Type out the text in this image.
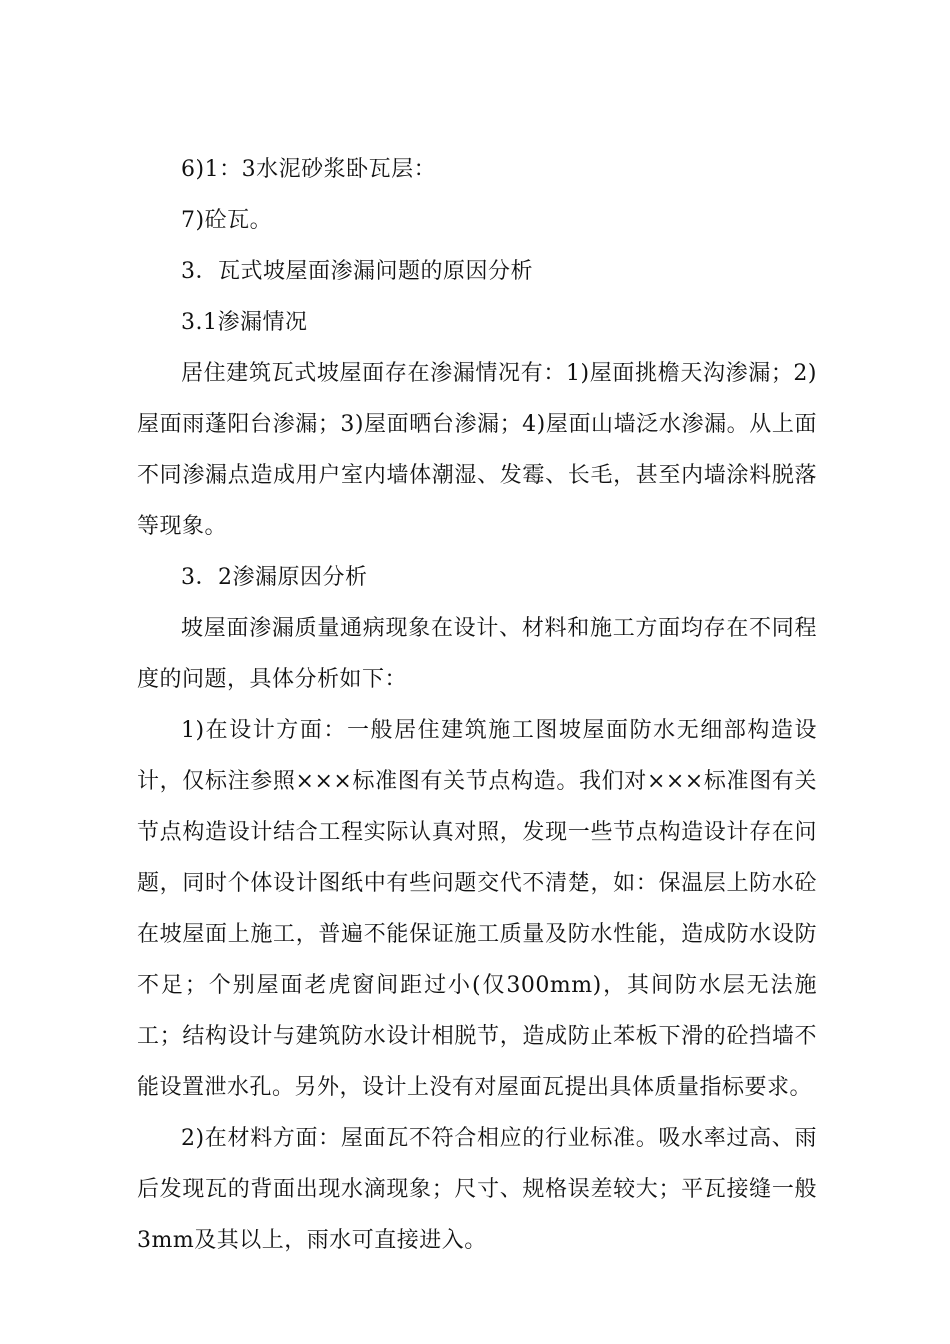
6)1：3水泥砂浆卧瓦层：

7)砼瓦。

3．瓦式坡屋面渗漏问题的原因分析

3.1渗漏情况

居住建筑瓦式坡屋面存在渗漏情况有：1)屋面挑檐天沟渗漏；2)屋面雨蓬阳台渗漏；3)屋面晒台渗漏；4)屋面山墙泛水渗漏。从上面不同渗漏点造成用户室内墙体潮湿、发霉、长毛，甚至内墙涂料脱落等现象。

3．2渗漏原因分析

坡屋面渗漏质量通病现象在设计、材料和施工方面均存在不同程度的问题，具体分析如下：

1)在设计方面：一般居住建筑施工图坡屋面防水无细部构造设计，仅标注参照×××标准图有关节点构造。我们对×××标准图有关节点构造设计结合工程实际认真对照，发现一些节点构造设计存在问题，同时个体设计图纸中有些问题交代不清楚，如：保温层上防水砼在坡屋面上施工，普遍不能保证施工质量及防水性能，造成防水设防不足；个别屋面老虎窗间距过小(仅300mm)，其间防水层无法施工；结构设计与建筑防水设计相脱节，造成防止苯板下滑的砼挡墙不能设置泄水孔。另外，设计上没有对屋面瓦提出具体质量指标要求。

2)在材料方面：屋面瓦不符合相应的行业标准。吸水率过高、雨后发现瓦的背面出现水滴现象；尺寸、规格误差较大；平瓦接缝一般3mm及其以上，雨水可直接进入。
